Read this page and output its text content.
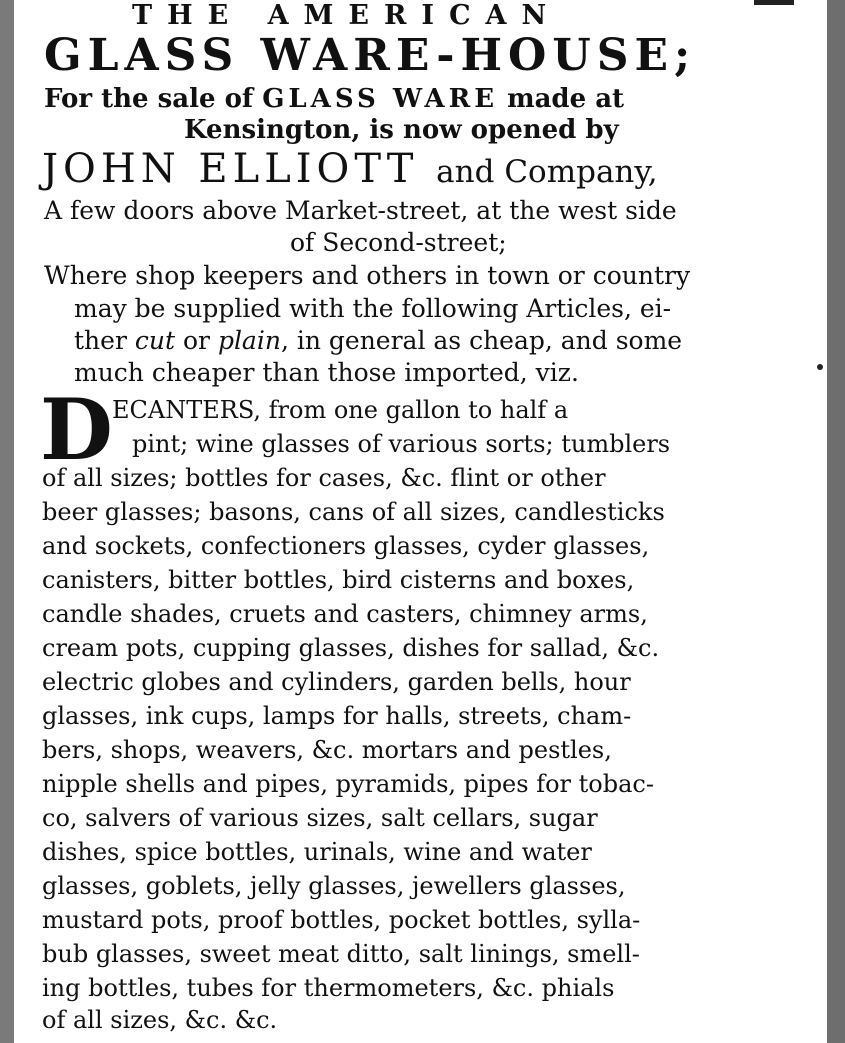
THE AMERICAN

GLASS WARE-HOUSE;

For the sale of GLASS WARE made at

Kensington, is now opened by

JOHN ELLIOTT and Company,

A few doors above Market-street, at the west side

of Second-street;

Where shop keepers and others in town or country

may be supplied with the following Articles, ei-

ther cut or plain, in general as cheap, and some

much cheaper than those imported, viz.

D ECANTERS, from one gallon to half a

pint; wine glasses of various sorts; tumblers

of all sizes; bottles for cases, &c. flint or other

beer glasses; basons, cans of all sizes, candlesticks

and sockets, confectioners glasses, cyder glasses,

canisters, bitter bottles, bird cisterns and boxes,

candle shades, cruets and casters, chimney arms,

cream pots, cupping glasses, dishes for sallad, &c.

electric globes and cylinders, garden bells, hour

glasses, ink cups, lamps for halls, streets, cham-

bers, shops, weavers, &c. mortars and pestles,

nipple shells and pipes, pyramids, pipes for tobac-

co, salvers of various sizes, salt cellars, sugar

dishes, spice bottles, urinals, wine and water

glasses, goblets, jelly glasses, jewellers glasses,

mustard pots, proof bottles, pocket bottles, sylla-

bub glasses, sweet meat ditto, salt linings, smell-

ing bottles, tubes for thermometers, &c. phials

of all sizes, &c. &c.
